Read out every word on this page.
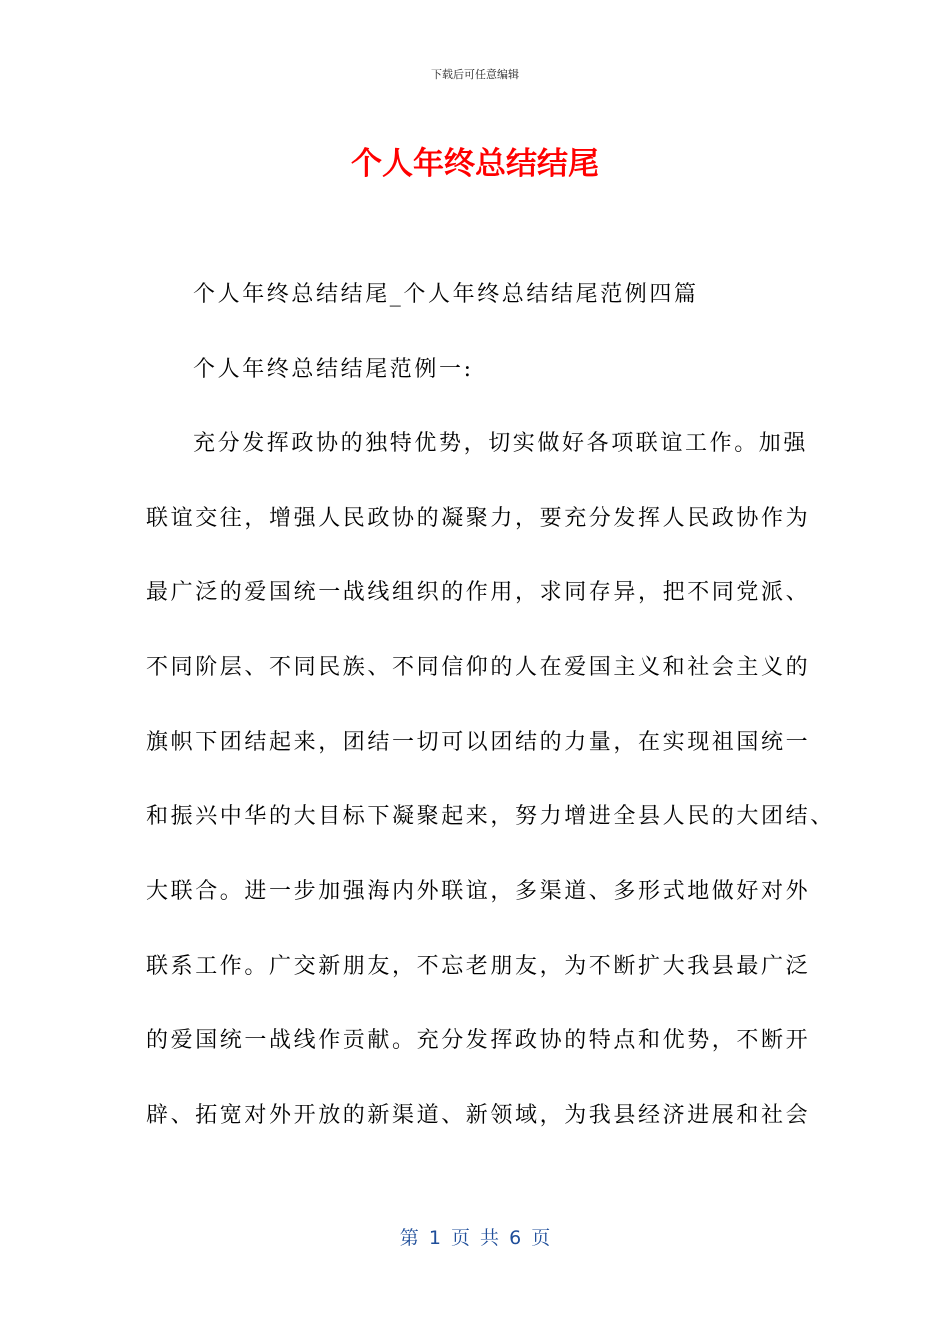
下载后可任意编辑
个人年终总结结尾
个人年终总结结尾_个人年终总结结尾范例四篇
个人年终总结结尾范例一:
充分发挥政协的独特优势，切实做好各项联谊工作。加强
联谊交往，增强人民政协的凝聚力，要充分发挥人民政协作为
最广泛的爱国统一战线组织的作用，求同存异，把不同党派、
不同阶层、不同民族、不同信仰的人在爱国主义和社会主义的
旗帜下团结起来，团结一切可以团结的力量，在实现祖国统一
和振兴中华的大目标下凝聚起来，努力增进全县人民的大团结、
大联合。进一步加强海内外联谊，多渠道、多形式地做好对外
联系工作。广交新朋友，不忘老朋友，为不断扩大我县最广泛
的爱国统一战线作贡献。充分发挥政协的特点和优势，不断开
辟、拓宽对外开放的新渠道、新领域，为我县经济进展和社会
第 1 页 共 6 页
